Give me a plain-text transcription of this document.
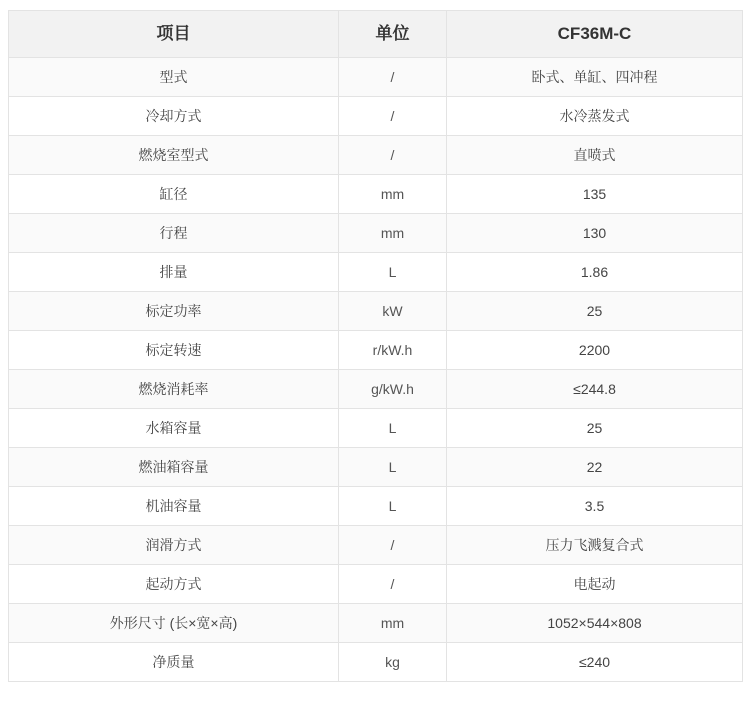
项目	单位	CF36M-C
型式	/	卧式、单缸、四冲程
冷却方式	/	水冷蒸发式
燃烧室型式	/	直喷式
缸径	mm	135
行程	mm	130
排量	L	1.86
标定功率	kW	25
标定转速	r/kW.h	2200
燃烧消耗率	g/kW.h	≤244.8
水箱容量	L	25
燃油箱容量	L	22
机油容量	L	3.5
润滑方式	/	压力飞溅复合式
起动方式	/	电起动
外形尺寸 (长×宽×高)	mm	1052×544×808
净质量	kg	≤240
